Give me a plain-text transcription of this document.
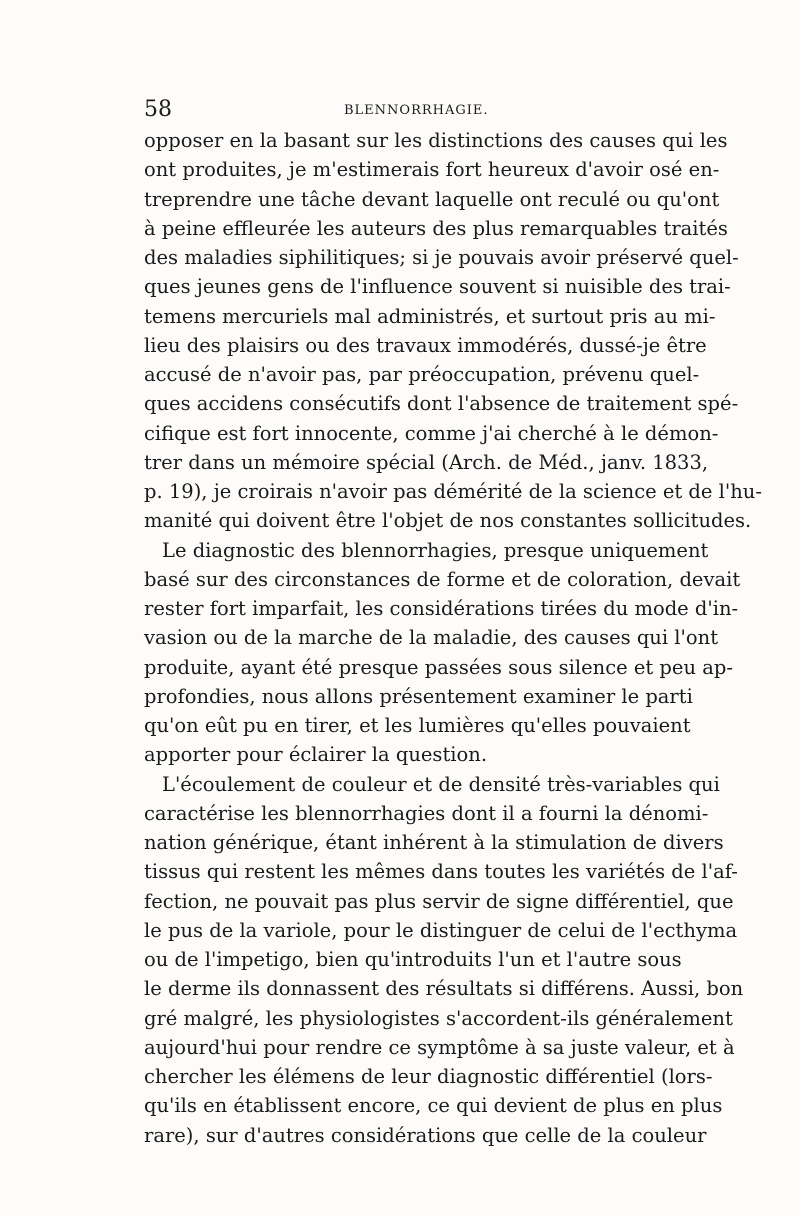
58	BLENNORRHAGIE.
opposer en la basant sur les distinctions des causes qui les
ont produites, je m'estimerais fort heureux d'avoir osé en-
treprendre une tâche devant laquelle ont reculé ou qu'ont
à peine effleurée les auteurs des plus remarquables traités
des maladies siphilitiques; si je pouvais avoir préservé quel-
ques jeunes gens de l'influence souvent si nuisible des trai-
temens mercuriels mal administrés, et surtout pris au mi-
lieu des plaisirs ou des travaux immodérés, dussé-je être
accusé de n'avoir pas, par préoccupation, prévenu quel-
ques accidens consécutifs dont l'absence de traitement spé-
cifique est fort innocente, comme j'ai cherché à le démon-
trer dans un mémoire spécial (Arch. de Méd., janv. 1833,
p. 19), je croirais n'avoir pas démérité de la science et de l'hu-
manité qui doivent être l'objet de nos constantes sollicitudes.
Le diagnostic des blennorrhagies, presque uniquement
basé sur des circonstances de forme et de coloration, devait
rester fort imparfait, les considérations tirées du mode d'in-
vasion ou de la marche de la maladie, des causes qui l'ont
produite, ayant été presque passées sous silence et peu ap-
profondies, nous allons présentement examiner le parti
qu'on eût pu en tirer, et les lumières qu'elles pouvaient
apporter pour éclairer la question.
L'écoulement de couleur et de densité très-variables qui
caractérise les blennorrhagies dont il a fourni la dénomi-
nation générique, étant inhérent à la stimulation de divers
tissus qui restent les mêmes dans toutes les variétés de l'af-
fection, ne pouvait pas plus servir de signe différentiel, que
le pus de la variole, pour le distinguer de celui de l'ecthyma
ou de l'impetigo, bien qu'introduits l'un et l'autre sous
le derme ils donnassent des résultats si différens. Aussi, bon
gré malgré, les physiologistes s'accordent-ils généralement
aujourd'hui pour rendre ce symptôme à sa juste valeur, et à
chercher les élémens de leur diagnostic différentiel (lors-
qu'ils en établissent encore, ce qui devient de plus en plus
rare), sur d'autres considérations que celle de la couleur
